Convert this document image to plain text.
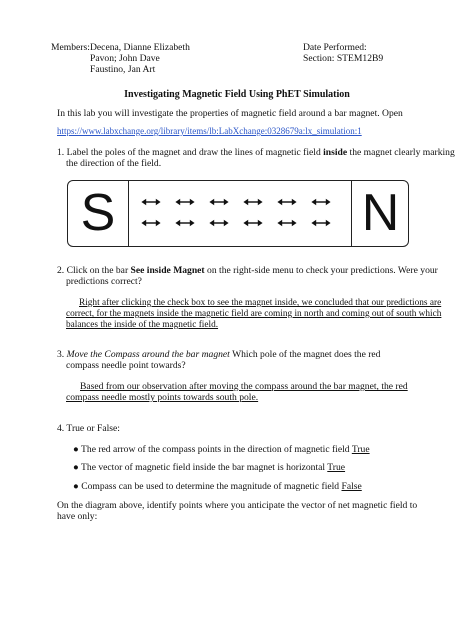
Members: Decena, Dianne Elizabeth
Pavon; John Dave
Faustino, Jan Art
Date Performed:
Section: STEM12B9
Investigating Magnetic Field Using PhET Simulation
In this lab you will investigate the properties of magnetic field around a bar magnet. Open
https://www.labxchange.org/library/items/lb:LabXchange:0328679a:lx_simulation:1
1. Label the poles of the magnet and draw the lines of magnetic field inside the magnet clearly marking
the direction of the field.
S	N
2. Click on the bar See inside Magnet on the right-side menu to check your predictions. Were your
predictions correct?
Right after clicking the check box to see the magnet inside, we concluded that our predictions are
correct, for the magnets inside the magnetic field are coming in north and coming out of south which
balances the inside of the magnetic field.
3. Move the Compass around the bar magnet Which pole of the magnet does the red
compass needle point towards?
Based from our observation after moving the compass around the bar magnet, the red
compass needle mostly points towards south pole.
4. True or False:
● The red arrow of the compass points in the direction of magnetic field True
● The vector of magnetic field inside the bar magnet is horizontal True
● Compass can be used to determine the magnitude of magnetic field False
On the diagram above, identify points where you anticipate the vector of net magnetic field to
have only:
